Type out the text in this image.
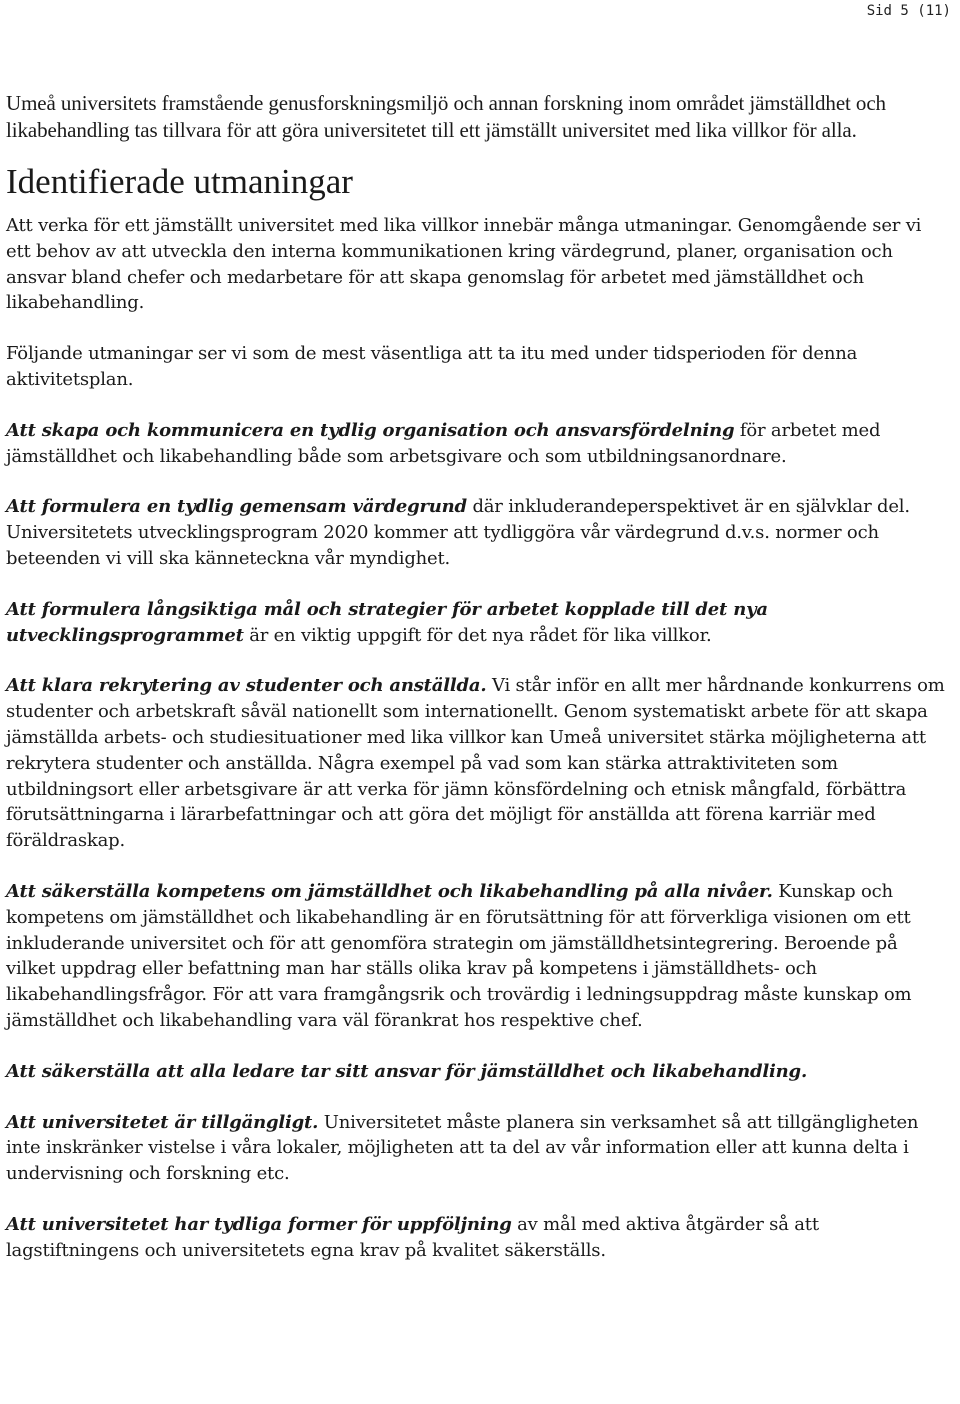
Sid 5 (11)

Umeå universitets framstående genusforskningsmiljö och annan forskning inom området jämställdhet och likabehandling tas tillvara för att göra universitetet till ett jämställt universitet med lika villkor för alla.

Identifierade utmaningar

Att verka för ett jämställt universitet med lika villkor innebär många utmaningar. Genomgående ser vi ett behov av att utveckla den interna kommunikationen kring värdegrund, planer, organisation och ansvar bland chefer och medarbetare för att skapa genomslag för arbetet med jämställdhet och likabehandling.

Följande utmaningar ser vi som de mest väsentliga att ta itu med under tidsperioden för denna aktivitetsplan.

Att skapa och kommunicera en tydlig organisation och ansvarsfördelning för arbetet med jämställdhet och likabehandling både som arbetsgivare och som utbildningsanordnare.

Att formulera en tydlig gemensam värdegrund där inkluderandeperspektivet är en självklar del. Universitetets utvecklingsprogram 2020 kommer att tydliggöra vår värdegrund d.v.s. normer och beteenden vi vill ska känneteckna vår myndighet.

Att formulera långsiktiga mål och strategier för arbetet kopplade till det nya utvecklingsprogrammet är en viktig uppgift för det nya rådet för lika villkor.

Att klara rekrytering av studenter och anställda. Vi står inför en allt mer hårdnande konkurrens om studenter och arbetskraft såväl nationellt som internationellt. Genom systematiskt arbete för att skapa jämställda arbets- och studiesituationer med lika villkor kan Umeå universitet stärka möjligheterna att rekrytera studenter och anställda. Några exempel på vad som kan stärka attraktiviteten som utbildningsort eller arbetsgivare är att verka för jämn könsfördelning och etnisk mångfald, förbättra förutsättningarna i lärarbefattningar och att göra det möjligt för anställda att förena karriär med föräldraskap.

Att säkerställa kompetens om jämställdhet och likabehandling på alla nivåer. Kunskap och kompetens om jämställdhet och likabehandling är en förutsättning för att förverkliga visionen om ett inkluderande universitet och för att genomföra strategin om jämställdhetsintegrering. Beroende på vilket uppdrag eller befattning man har ställs olika krav på kompetens i jämställdhets- och likabehandlingsfrågor. För att vara framgångsrik och trovärdig i ledningsuppdrag måste kunskap om jämställdhet och likabehandling vara väl förankrat hos respektive chef.

Att säkerställa att alla ledare tar sitt ansvar för jämställdhet och likabehandling.

Att universitetet är tillgängligt. Universitetet måste planera sin verksamhet så att tillgängligheten inte inskränker vistelse i våra lokaler, möjligheten att ta del av vår information eller att kunna delta i undervisning och forskning etc.

Att universitetet har tydliga former för uppföljning av mål med aktiva åtgärder så att lagstiftningens och universitetets egna krav på kvalitet säkerställs.
